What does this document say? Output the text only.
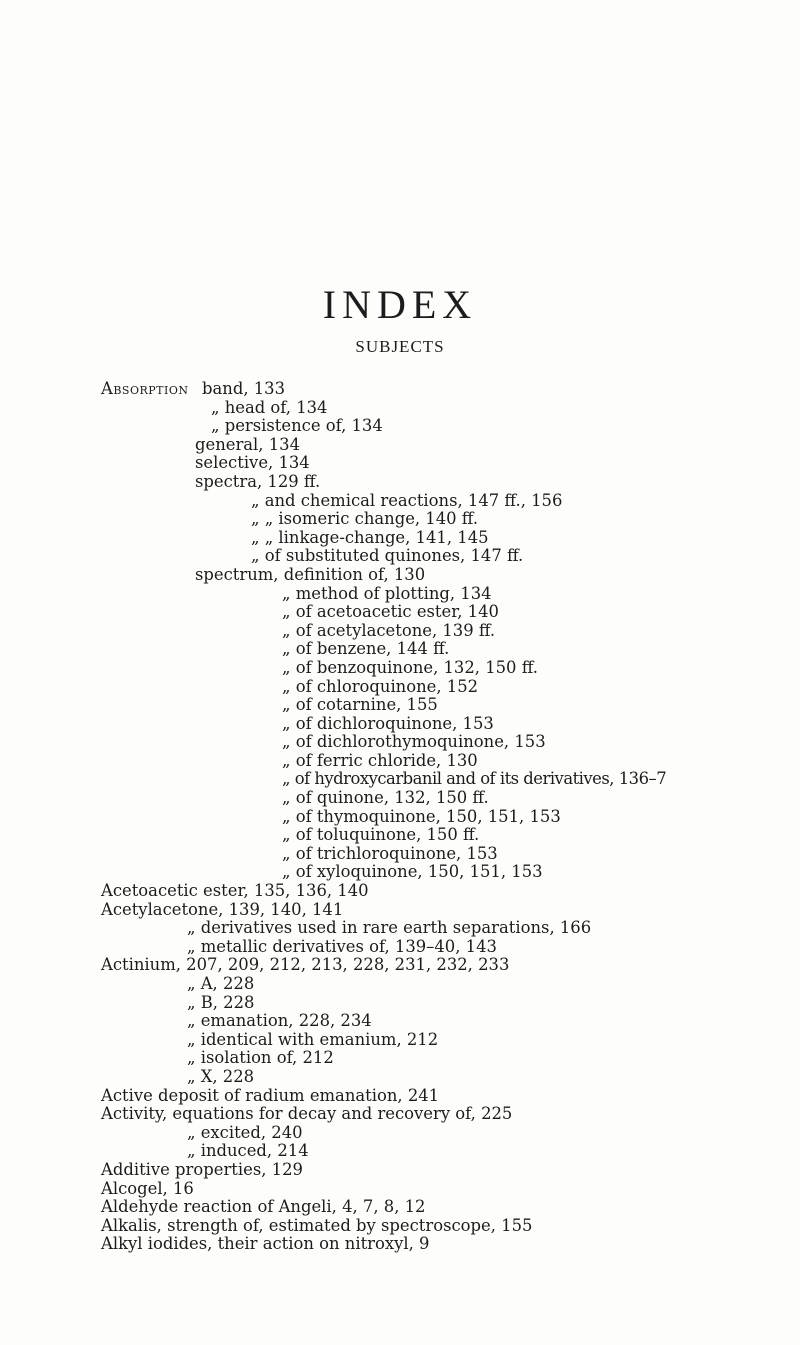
INDEX
SUBJECTS
Absorption band, 133
„ head of, 134
„ persistence of, 134
general, 134
selective, 134
spectra, 129 ff.
„ and chemical reactions, 147 ff., 156
„ „ isomeric change, 140 ff.
„ „ linkage-change, 141, 145
„ of substituted quinones, 147 ff.
spectrum, definition of, 130
„ method of plotting, 134
„ of acetoacetic ester, 140
„ of acetylacetone, 139 ff.
„ of benzene, 144 ff.
„ of benzoquinone, 132, 150 ff.
„ of chloroquinone, 152
„ of cotarnine, 155
„ of dichloroquinone, 153
„ of dichlorothymoquinone, 153
„ of ferric chloride, 130
„ of hydroxycarbanil and of its derivatives, 136–7
„ of quinone, 132, 150 ff.
„ of thymoquinone, 150, 151, 153
„ of toluquinone, 150 ff.
„ of trichloroquinone, 153
„ of xyloquinone, 150, 151, 153
Acetoacetic ester, 135, 136, 140
Acetylacetone, 139, 140, 141
„ derivatives used in rare earth separations, 166
„ metallic derivatives of, 139–40, 143
Actinium, 207, 209, 212, 213, 228, 231, 232, 233
„ A, 228
„ B, 228
„ emanation, 228, 234
„ identical with emanium, 212
„ isolation of, 212
„ X, 228
Active deposit of radium emanation, 241
Activity, equations for decay and recovery of, 225
„ excited, 240
„ induced, 214
Additive properties, 129
Alcogel, 16
Aldehyde reaction of Angeli, 4, 7, 8, 12
Alkalis, strength of, estimated by spectroscope, 155
Alkyl iodides, their action on nitroxyl, 9
